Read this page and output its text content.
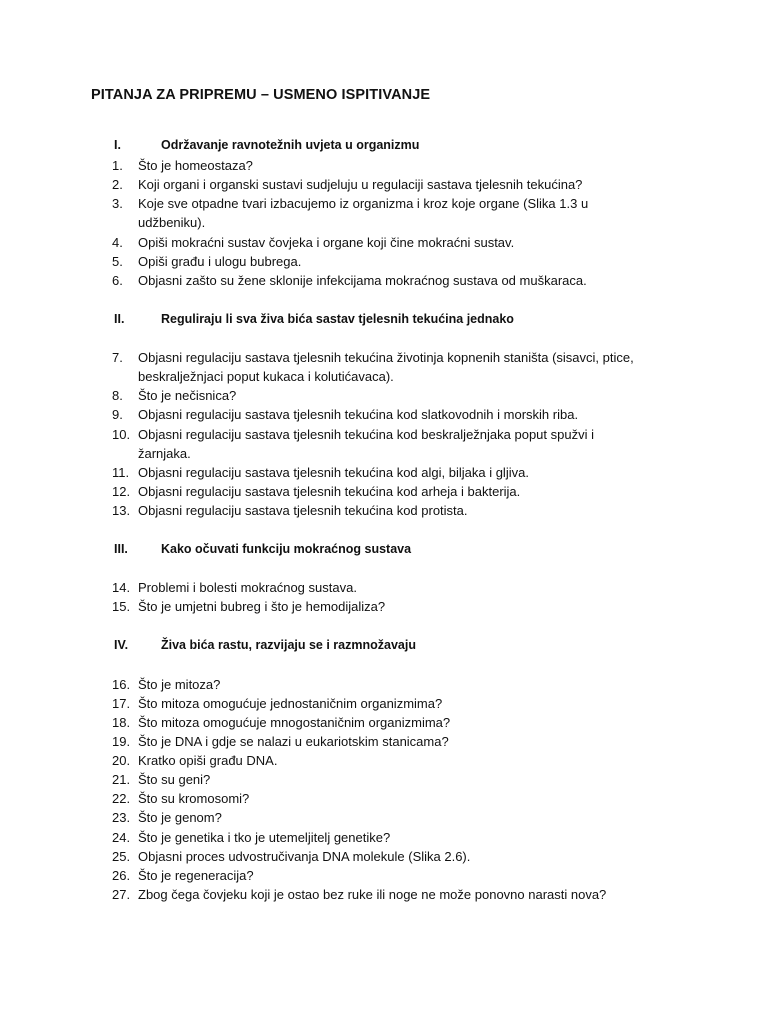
PITANJA ZA PRIPREMU – USMENO ISPITIVANJE
I.	Održavanje ravnotežnih uvjeta u organizmu
1. Što je homeostaza?
2. Koji organi i organski sustavi sudjeluju u regulaciji sastava tjelesnih tekućina?
3. Koje sve otpadne tvari izbacujemo iz organizma i kroz koje organe (Slika 1.3 u
udžbeniku).
4. Opiši mokraćni sustav čovjeka i organe koji čine mokraćni sustav.
5. Opiši građu i ulogu bubrega.
6. Objasni zašto su žene sklonije infekcijama mokraćnog sustava od muškaraca.
II.	Reguliraju li sva živa bića sastav tjelesnih tekućina jednako
7. Objasni regulaciju sastava tjelesnih tekućina životinja kopnenih staništa (sisavci, ptice,
beskralježnjaci poput kukaca i kolutićavaca).
8. Što je nečisnica?
9. Objasni regulaciju sastava tjelesnih tekućina kod slatkovodnih i morskih riba.
10. Objasni regulaciju sastava tjelesnih tekućina kod beskralježnjaka poput spužvi i
žarnjaka.
11. Objasni regulaciju sastava tjelesnih tekućina kod algi, biljaka i gljiva.
12. Objasni regulaciju sastava tjelesnih tekućina kod arheja i bakterija.
13. Objasni regulaciju sastava tjelesnih tekućina kod protista.
III.	Kako očuvati funkciju mokraćnog sustava
14. Problemi i bolesti mokraćnog sustava.
15. Što je umjetni bubreg i što je hemodijaliza?
IV.	Živa bića rastu, razvijaju se i razmnožavaju
16. Što je mitoza?
17. Što mitoza omogućuje jednostaničnim organizmima?
18. Što mitoza omogućuje mnogostaničnim organizmima?
19. Što je DNA i gdje se nalazi u eukariotskim stanicama?
20. Kratko opiši građu DNA.
21. Što su geni?
22. Što su kromosomi?
23. Što je genom?
24. Što je genetika i tko je utemeljitelj genetike?
25. Objasni proces udvostručivanja DNA molekule (Slika 2.6).
26. Što je regeneracija?
27. Zbog čega čovjeku koji je ostao bez ruke ili noge ne može ponovno narasti nova?
